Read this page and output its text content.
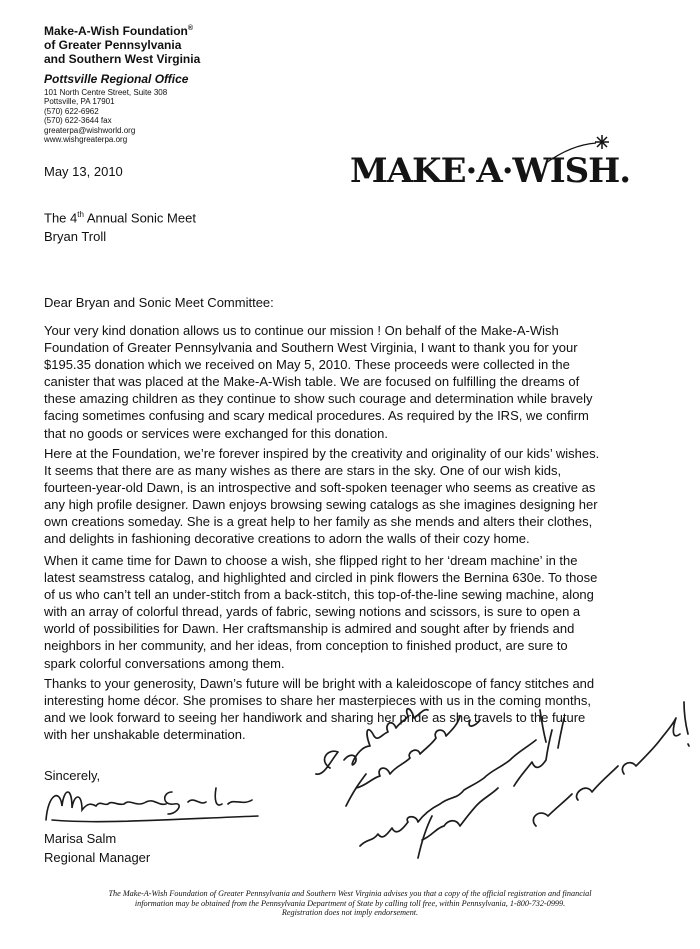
Make-A-Wish Foundation®
of Greater Pennsylvania
and Southern West Virginia
Pottsville Regional Office
101 North Centre Street, Suite 308
Pottsville, PA 17901
(570) 622-6962
(570) 622-3644 fax
greaterpa@wishworld.org
www.wishgreaterpa.org
May 13, 2010	MAKE·A·WISH.
The 4th Annual Sonic Meet
Bryan Troll
Dear Bryan and Sonic Meet Committee:
Your very kind donation allows us to continue our mission ! On behalf of the Make-A-Wish
Foundation of Greater Pennsylvania and Southern West Virginia, I want to thank you for your
$195.35 donation which we received on May 5, 2010. These proceeds were collected in the
canister that was placed at the Make-A-Wish table. We are focused on fulfilling the dreams of
these amazing children as they continue to show such courage and determination while bravely
facing sometimes confusing and scary medical procedures. As required by the IRS, we confirm
that no goods or services were exchanged for this donation.
Here at the Foundation, we’re forever inspired by the creativity and originality of our kids’ wishes.
It seems that there are as many wishes as there are stars in the sky. One of our wish kids,
fourteen-year-old Dawn, is an introspective and soft-spoken teenager who seems as creative as
any high profile designer. Dawn enjoys browsing sewing catalogs as she imagines designing her
own creations someday. She is a great help to her family as she mends and alters their clothes,
and delights in fashioning decorative creations to adorn the walls of their cozy home.
When it came time for Dawn to choose a wish, she flipped right to her ‘dream machine’ in the
latest seamstress catalog, and highlighted and circled in pink flowers the Bernina 630e. To those
of us who can’t tell an under-stitch from a back-stitch, this top-of-the-line sewing machine, along
with an array of colorful thread, yards of fabric, sewing notions and scissors, is sure to open a
world of possibilities for Dawn. Her craftsmanship is admired and sought after by friends and
neighbors in her community, and her ideas, from conception to finished product, are sure to
spark colorful conversations among them.
Thanks to your generosity, Dawn’s future will be bright with a kaleidoscope of fancy stitches and
interesting home décor. She promises to share her masterpieces with us in the coming months,
and we look forward to seeing her handiwork and sharing her pride as she travels to the future
with her unshakable determination.
Sincerely,
Marisa Salm
Regional Manager
The Make-A-Wish Foundation of Greater Pennsylvania and Southern West Virginia advises you that a copy of the official registration and financial
information may be obtained from the Pennsylvania Department of State by calling toll free, within Pennsylvania, 1-800-732-0999.
Registration does not imply endorsement.
